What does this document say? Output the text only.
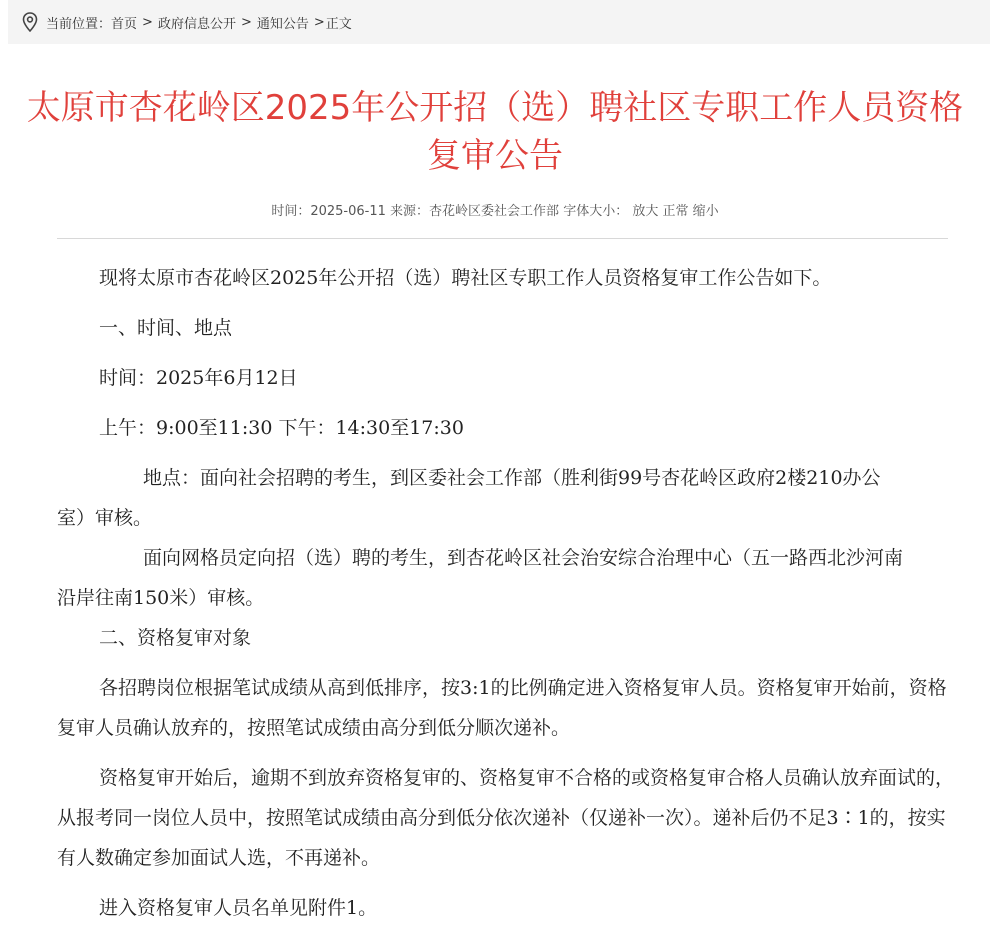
当前位置： 首页 > 政府信息公开 > 通知公告 > 正文
太原市杏花岭区2025年公开招（选）聘社区专职工作人员资格
复审公告
时间：2025-06-11 来源：杏花岭区委社会工作部 字体大小： 放大 正常 缩小

现将太原市杏花岭区2025年公开招（选）聘社区专职工作人员资格复审工作公告如下。

一、时间、地点

时间：2025年6月12日

上午：9:00至11:30 下午：14:30至17:30

地点：面向社会招聘的考生，到区委社会工作部（胜利街99号杏花岭区政府2楼210办公室）审核。

面向网格员定向招（选）聘的考生，到杏花岭区社会治安综合治理中心（五一路西北沙河南沿岸往南150米）审核。

二、资格复审对象

各招聘岗位根据笔试成绩从高到低排序，按3:1的比例确定进入资格复审人员。资格复审开始前，资格复审人员确认放弃的，按照笔试成绩由高分到低分顺次递补。

资格复审开始后，逾期不到放弃资格复审的、资格复审不合格的或资格复审合格人员确认放弃面试的，从报考同一岗位人员中，按照笔试成绩由高分到低分依次递补（仅递补一次）。递补后仍不足3∶1的，按实有人数确定参加面试人选，不再递补。

进入资格复审人员名单见附件1。
